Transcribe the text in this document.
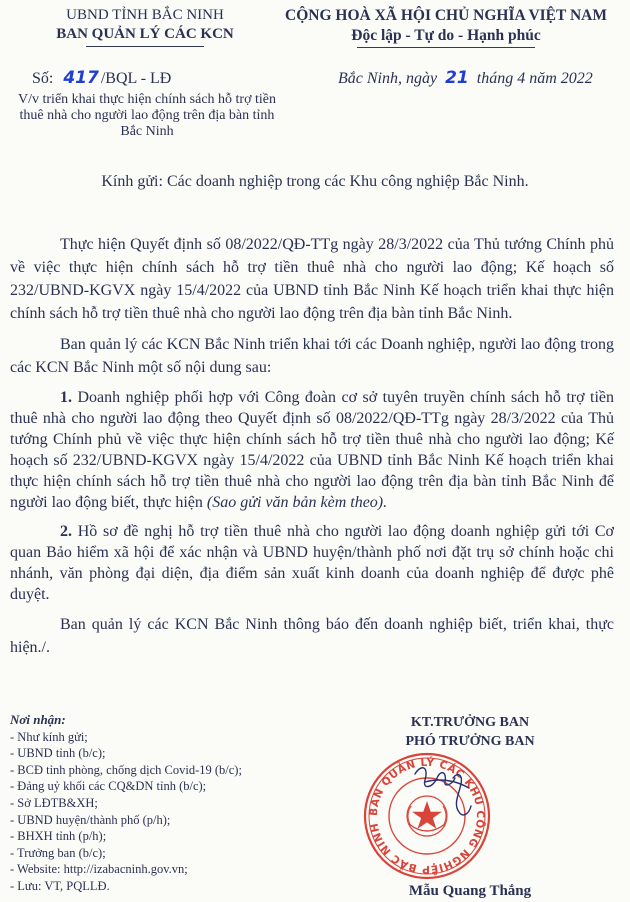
UBND TỈNH BẮC NINH
BAN QUẢN LÝ CÁC KCN
CỘNG HOÀ XÃ HỘI CHỦ NGHĨA VIỆT NAM
Độc lập - Tự do - Hạnh phúc
Số: 417 /BQL - LĐ	Bắc Ninh, ngày 21 tháng 4 năm 2022
V/v triển khai thực hiện chính sách hỗ trợ tiền thuê nhà cho người lao động trên địa bàn tỉnh Bắc Ninh
Kính gửi: Các doanh nghiệp trong các Khu công nghiệp Bắc Ninh.

Thực hiện Quyết định số 08/2022/QĐ-TTg ngày 28/3/2022 của Thủ tướng Chính phủ về việc thực hiện chính sách hỗ trợ tiền thuê nhà cho người lao động; Kế hoạch số 232/UBND-KGVX ngày 15/4/2022 của UBND tỉnh Bắc Ninh Kế hoạch triển khai thực hiện chính sách hỗ trợ tiền thuê nhà cho người lao động trên địa bàn tỉnh Bắc Ninh.

Ban quản lý các KCN Bắc Ninh triển khai tới các Doanh nghiệp, người lao động trong các KCN Bắc Ninh một số nội dung sau:

1. Doanh nghiệp phối hợp với Công đoàn cơ sở tuyên truyền chính sách hỗ trợ tiền thuê nhà cho người lao động theo Quyết định số 08/2022/QĐ-TTg ngày 28/3/2022 của Thủ tướng Chính phủ về việc thực hiện chính sách hỗ trợ tiền thuê nhà cho người lao động; Kế hoạch số 232/UBND-KGVX ngày 15/4/2022 của UBND tỉnh Bắc Ninh Kế hoạch triển khai thực hiện chính sách hỗ trợ tiền thuê nhà cho người lao động trên địa bàn tỉnh Bắc Ninh để người lao động biết, thực hiện (Sao gửi văn bản kèm theo).

2. Hồ sơ đề nghị hỗ trợ tiền thuê nhà cho người lao động doanh nghiệp gửi tới Cơ quan Bảo hiểm xã hội để xác nhận và UBND huyện/thành phố nơi đặt trụ sở chính hoặc chi nhánh, văn phòng đại diện, địa điểm sản xuất kinh doanh của doanh nghiệp để được phê duyệt.

Ban quản lý các KCN Bắc Ninh thông báo đến doanh nghiệp biết, triển khai, thực hiện./.

Nơi nhận:
- Như kính gửi;
- UBND tỉnh (b/c);
- BCĐ tỉnh phòng, chống dịch Covid-19 (b/c);
- Đảng uỷ khối các CQ&DN tỉnh (b/c);
- Sở LĐTB&XH;
- UBND huyện/thành phố (p/h);
- BHXH tỉnh (p/h);
- Trưởng ban (b/c);
- Website: http://izabacninh.gov.vn;
- Lưu: VT, PQLLĐ.
KT.TRƯỞNG BAN
PHÓ TRƯỞNG BAN
BAN QUẢN LÝ CÁC KHU CÔNG NGHIỆP BẮC NINH
Mẫu Quang Thắng
